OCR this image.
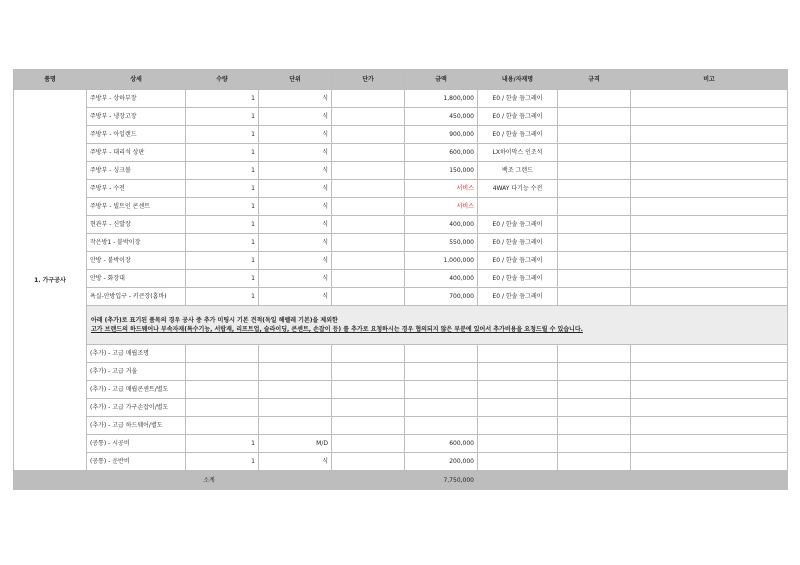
품명	상세	수량	단위	단가	금액	내용/자재명	규격	비고
1. 가구공사	주방부 - 상하부장	1	식		1,800,000	E0 / 한솔 듬그레이		
	주방부 - 냉장고장	1	식		450,000	E0 / 한솔 듬그레이		
	주방부 - 아일랜드	1	식		900,000	E0 / 한솔 듬그레이		
	주방부 - 대리석 상판	1	식		600,000	LX하이막스 인조석		
	주방부 - 싱크볼	1	식		150,000	백조 그랜드		
	주방부 - 수전	1	식		서비스	4WAY 다기능 수전		
	주방부 - 빌트인 콘센트	1	식		서비스			
	현관부 - 신발장	1	식		400,000	E0 / 한솔 듬그레이		
	작은방1 - 붙박이장	1	식		550,000	E0 / 한솔 듬그레이		
	안방 - 붙박이장	1	식		1,000,000	E0 / 한솔 듬그레이		
	안방 - 화장대	1	식		400,000	E0 / 한솔 듬그레이		
	욕실-안방입구 - 키큰장(홈바)	1	식		700,000	E0 / 한솔 듬그레이		

	아래 (추가)로 표기된 품목의 경우 공사 중 추가 미팅시 기본 견적(독일 헤펠레 기본)을 제외한
고가 브랜드의 하드웨어나 부속자재(특수기능, 서랍재, 리프트업, 슬라이딩, 콘센트, 손잡이 등) 를 추가로 요청하시는 경우 협의되지 않은 부분에 있어서 추가비용을 요청드릴 수 있습니다.							

	(추가) - 고급 매립조명							
	(추가) - 고급 거울							
	(추가) - 고급 매립콘센트/별도							
	(추가) - 고급 가구손잡이/별도							
	(추가) - 고급 하드웨어/별도							
	(공통) - 시공비	1	M/D		600,000			
	(공통) - 운반비	1	식		200,000			
소계					7,750,000			
